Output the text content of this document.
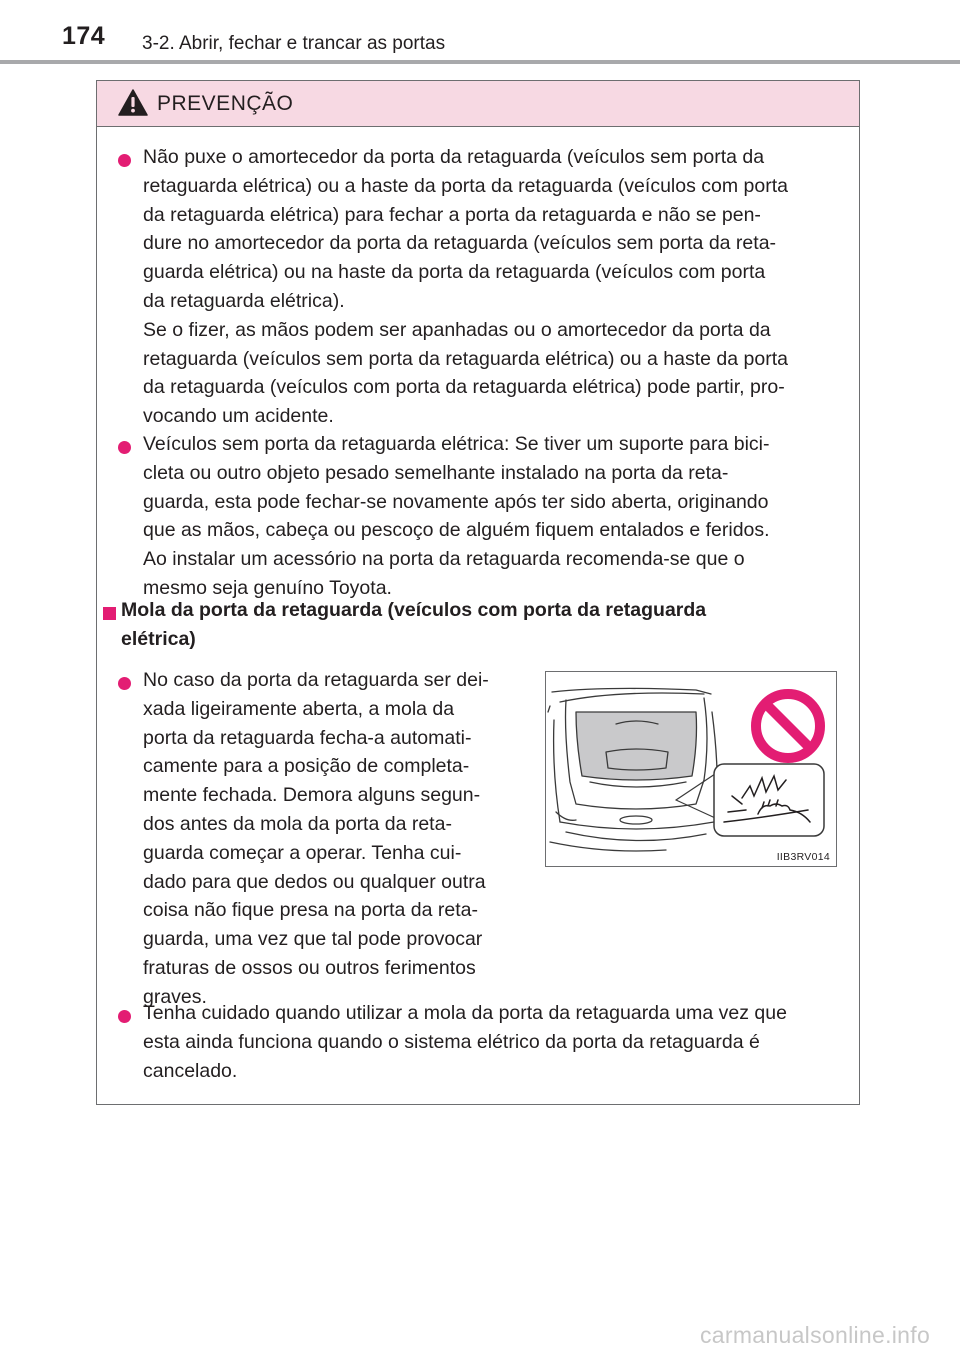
174 3-2. Abrir, fechar e trancar as portas
PREVENÇÃO
Não puxe o amortecedor da porta da retaguarda (veículos sem porta da
retaguarda elétrica) ou a haste da porta da retaguarda (veículos com porta
da retaguarda elétrica) para fechar a porta da retaguarda e não se pen-
dure no amortecedor da porta da retaguarda (veículos sem porta da reta-
guarda elétrica) ou na haste da porta da retaguarda (veículos com porta
da retaguarda elétrica).
Se o fizer, as mãos podem ser apanhadas ou o amortecedor da porta da
retaguarda (veículos sem porta da retaguarda elétrica) ou a haste da porta
da retaguarda (veículos com porta da retaguarda elétrica) pode partir, pro-
vocando um acidente.
Veículos sem porta da retaguarda elétrica: Se tiver um suporte para bici-
cleta ou outro objeto pesado semelhante instalado na porta da reta-
guarda, esta pode fechar-se novamente após ter sido aberta, originando
que as mãos, cabeça ou pescoço de alguém fiquem entalados e feridos.
Ao instalar um acessório na porta da retaguarda recomenda-se que o
mesmo seja genuíno Toyota.
Mola da porta da retaguarda (veículos com porta da retaguarda
elétrica)
No caso da porta da retaguarda ser dei-
xada ligeiramente aberta, a mola da
porta da retaguarda fecha-a automati-
camente para a posição de completa-
mente fechada. Demora alguns segun-
dos antes da mola da porta da reta-
guarda começar a operar. Tenha cui-
dado para que dedos ou qualquer outra
coisa não fique presa na porta da reta-
guarda, uma vez que tal pode provocar
fraturas de ossos ou outros ferimentos
graves.
IIB3RV014
Tenha cuidado quando utilizar a mola da porta da retaguarda uma vez que
esta ainda funciona quando o sistema elétrico da porta da retaguarda é
cancelado.
carmanualsonline.info
